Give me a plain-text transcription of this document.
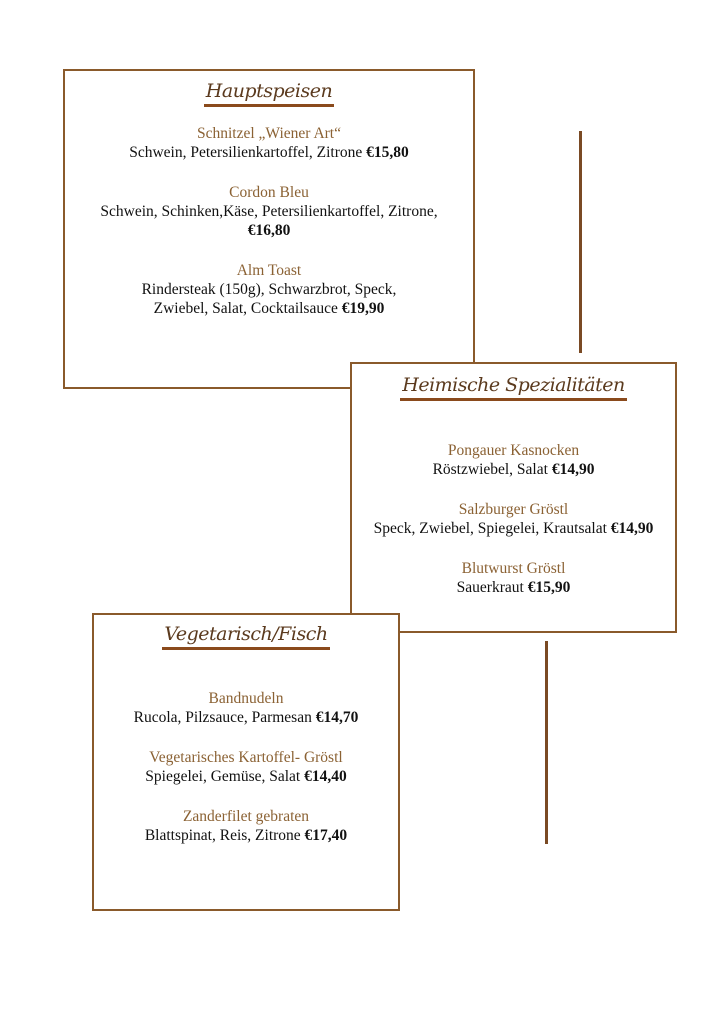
Hauptspeisen
Schnitzel „Wiener Art“
Schwein, Petersilienkartoffel, Zitrone €15,80
Cordon Bleu
Schwein, Schinken,Käse, Petersilienkartoffel, Zitrone,
€16,80
Alm Toast
Rindersteak (150g), Schwarzbrot, Speck,
Zwiebel, Salat, Cocktailsauce €19,90
Heimische Spezialitäten
Pongauer Kasnocken
Röstzwiebel, Salat €14,90
Salzburger Gröstl
Speck, Zwiebel, Spiegelei, Krautsalat €14,90
Blutwurst Gröstl
Sauerkraut €15,90
Vegetarisch/Fisch
Bandnudeln
Rucola, Pilzsauce, Parmesan €14,70
Vegetarisches Kartoffel- Gröstl
Spiegelei, Gemüse, Salat €14,40
Zanderfilet gebraten
Blattspinat, Reis, Zitrone €17,40
